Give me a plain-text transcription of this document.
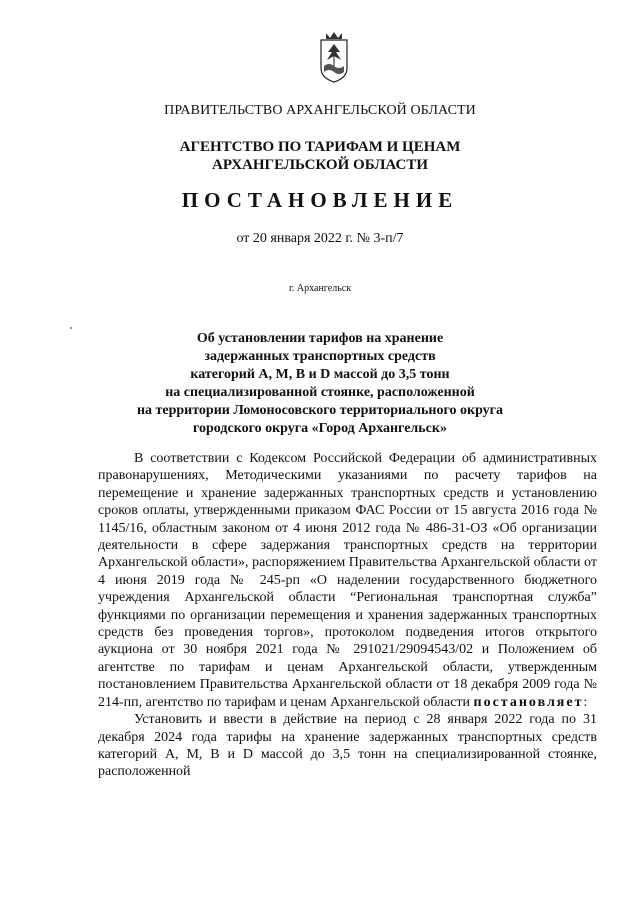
ПРАВИТЕЛЬСТВО АРХАНГЕЛЬСКОЙ ОБЛАСТИ
АГЕНТСТВО ПО ТАРИФАМ И ЦЕНАМ
АРХАНГЕЛЬСКОЙ ОБЛАСТИ
ПОСТАНОВЛЕНИЕ
от 20 января 2022 г. № 3-п/7
г. Архангельск
Об установлении тарифов на хранение
задержанных транспортных средств
категорий А, М, В и D массой до 3,5 тонн
на специализированной стоянке, расположенной
на территории Ломоносовского территориального округа
городского округа «Город Архангельск»

В соответствии с Кодексом Российской Федерации об административных правонарушениях, Методическими указаниями по расчету тарифов на перемещение и хранение задержанных транспортных средств и установлению сроков оплаты, утвержденными приказом ФАС России от 15 августа 2016 года № 1145/16, областным законом от 4 июня 2012 года № 486-31-ОЗ «Об организации деятельности в сфере задержания транспортных средств на территории Архангельской области», распоряжением Правительства Архангельской области от 4 июня 2019 года № 245-рп «О наделении государственного бюджетного учреждения Архангельской области “Региональная транспортная служба” функциями по организации перемещения и хранения задержанных транспортных средств без проведения торгов», протоколом подведения итогов открытого аукциона от 30 ноября 2021 года № 291021/29094543/02 и Положением об агентстве по тарифам и ценам Архангельской области, утвержденным постановлением Правительства Архангельской области от 18 декабря 2009 года № 214-пп, агентство по тарифам и ценам Архангельской области постановляет:

Установить и ввести в действие на период с 28 января 2022 года по 31 декабря 2024 года тарифы на хранение задержанных транспортных средств категорий А, М, В и D массой до 3,5 тонн на специализированной стоянке, расположенной
